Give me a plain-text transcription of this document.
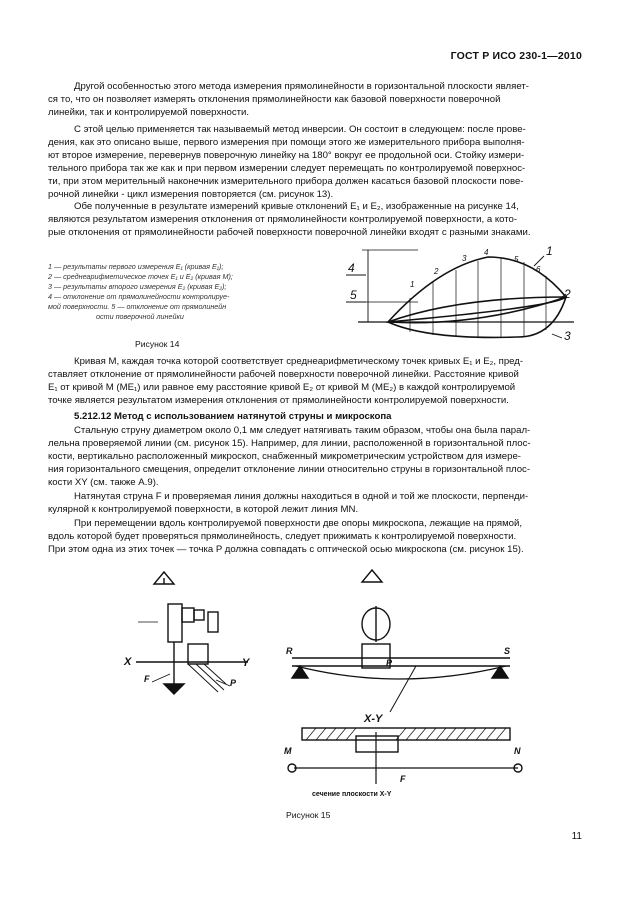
ГОСТ Р ИСО 230-1—2010
Другой особенностью этого метода измерения прямолинейности в горизонтальной плоскости являет-
ся то, что он позволяет измерять отклонения прямолинейности как базовой поверхности поверочной
линейки, так и контролируемой поверхности.
С этой целью применяется так называемый метод инверсии. Он состоит в следующем: после прове-
дения, как это описано выше, первого измерения при помощи этого же измерительного прибора выполня-
ют второе измерение, перевернув поверочную линейку на 180° вокруг ее продольной оси. Стойку измери-
тельного прибора так же как и при первом измерении следует перемещать по контролируемой поверхнос-
ти, при этом мерительный наконечник измерительного прибора должен касаться базовой плоскости пове-
рочной линейки - цикл измерения повторяется (см. рисунок 13).
Обе полученные в результате измерений кривые отклонений E₁ и E₂, изображенные на рисунке 14,
являются результатом измерения отклонения от прямолинейности контролируемой поверхности, а кото-
рые отклонения от прямолинейности рабочей поверхности поверочной линейки входят с разными знаками.
1 — результаты первого измерения E₁ (кривая E₁);
2 — среднеарифметическое точек E₁ и E₂ (кривая M);
3 — результаты второго измерения E₂ (кривая E₂);
4 — отклонение от прямолинейности контролируе-
мой поверхности. 5 — отклонение от прямолинейн
ости поверочной линейки
4
5
1
2
3
1
2
3
4
5
6
Рисунок 14
Кривая M, каждая точка которой соответствует среднеарифметическому точек кривых E₁ и E₂, пред-
ставляет отклонение от прямолинейности рабочей поверхности поверочной линейки. Расстояние кривой
E₁ от кривой M (ME₁) или равное ему расстояние кривой E₂ от кривой M (ME₂) в каждой контролируемой
точке является результатом измерения отклонения от прямолинейности контролируемой поверхности.
5.212.12 Метод с использованием натянутой струны и микроскопа
Стальную струну диаметром около 0,1 мм следует натягивать таким образом, чтобы она была парал-
лельна проверяемой линии (см. рисунок 15). Например, для линии, расположенной в горизонтальной плос-
кости, вертикально расположенный микроскоп, снабженный микрометрическим устройством для измере-
ния горизонтального смещения, определит отклонение линии относительно струны в горизонтальной плос-
кости XY (см. также А.9).
Натянутая струна F и проверяемая линия должны находиться в одной и той же плоскости, перпенди-
кулярной к контролируемой поверхности, в которой лежит линия MN.
При перемещении вдоль контролируемой поверхности две опоры микроскопа, лежащие на прямой,
вдоль которой будет проверяться прямолинейность, следует прижимать к контролируемой поверхности.
При этом одна из этих точек — точка P должна совпадать с оптической осью микроскопа (см. рисунок 15).
X	Y
F	P
R	S
P
X-Y
M	N
F
сечение плоскости X-Y
Рисунок 15
11
